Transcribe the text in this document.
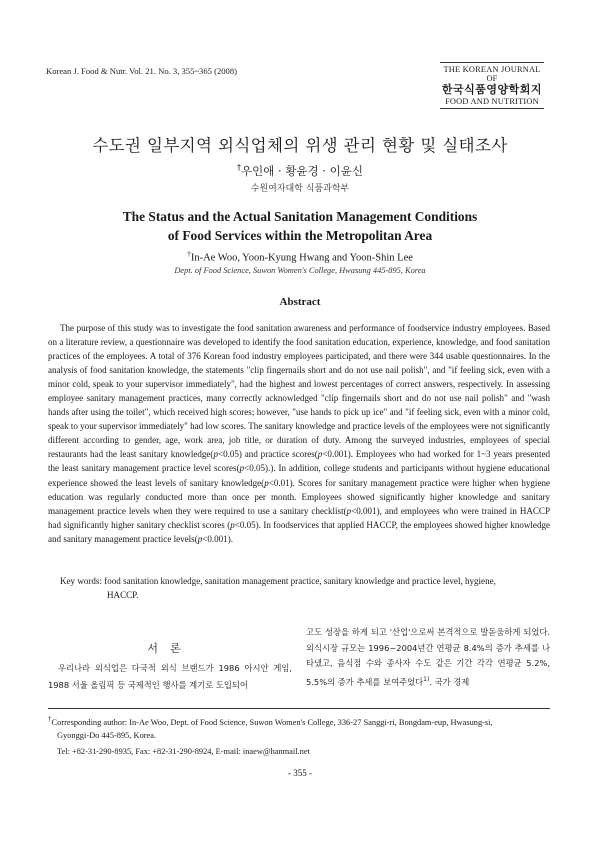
Korean J. Food & Nutr. Vol. 21. No. 3, 355~365 (2008)	THE KOREAN JOURNAL OF
한국식품영양학회지
FOOD AND NUTRITION
수도권 일부지역 외식업체의 위생 관리 현황 및 실태조사
†우인애 · 황윤경 · 이윤신
수원여자대학 식품과학부
The Status and the Actual Sanitation Management Conditions
of Food Services within the Metropolitan Area
†In-Ae Woo, Yoon-Kyung Hwang and Yoon-Shin Lee
Dept. of Food Science, Suwon Women's College, Hwasung 445-895, Korea
Abstract
The purpose of this study was to investigate the food sanitation awareness and performance of foodservice industry employees. Based on a literature review, a questionnaire was developed to identify the food sanitation education, experience, knowledge, and food sanitation practices of the employees. A total of 376 Korean food industry employees participated, and there were 344 usable questionnaires. In the analysis of food sanitation knowledge, the statements "clip fingernails short and do not use nail polish", and "if feeling sick, even with a minor cold, speak to your supervisor immediately", had the highest and lowest percentages of correct answers, respectively. In assessing employee sanitary management practices, many correctly acknowledged "clip fingernails short and do not use nail polish" and "wash hands after using the toilet", which received high scores; however, "use hands to pick up ice" and "if feeling sick, even with a minor cold, speak to your supervisor immediately" had low scores. The sanitary knowledge and practice levels of the employees were not significantly different according to gender, age, work area, job title, or duration of duty. Among the surveyed industries, employees of special restaurants had the least sanitary knowledge(p<0.05) and practice scores(p<0.001). Employees who had worked for 1~3 years presented the least sanitary management practice level scores(p<0.05).). In addition, college students and participants without hygiene educational experience showed the least levels of sanitary knowledge(p<0.01). Scores for sanitary management practice were higher when hygiene education was regularly conducted more than once per month. Employees showed significantly higher knowledge and sanitary management practice levels when they were required to use a sanitary checklist(p<0.001), and employees who were trained in HACCP had significantly higher sanitary checklist scores (p<0.05). In foodservices that applied HACCP, the employees showed higher knowledge and sanitary management practice levels(p<0.001).
Key words: food sanitation knowledge, sanitation management practice, sanitary knowledge and practice level, hygiene,
HACCP.
서론
우리나라 외식업은 다국적 외식 브랜드가 1986 아시안 게임, 1988 서울 올림픽 등 국제적인 행사를 계기로 도입되어
고도 성장을 하게 되고 '산업'으로써 본격적으로 발돋움하게 되었다. 외식시장 규모는 1996~2004년간 연평균 8.4%의 증가 추세를 나타냈고, 음식점 수와 종사자 수도 같은 기간 각각 연평균 5.2%, 5.5%의 증가 추세를 보여주었다$^{1)}$. 국가 경제
†Corresponding author: In-Ae Woo, Dept. of Food Science, Suwon Women's College, 336-27 Sanggi-ri, Bongdam-eup, Hwasung-si,
Gyonggi-Do 445-895, Korea.
Tel: +82-31-290-8935, Fax: +82-31-290-8924, E-mail: inaew@hanmail.net
- 355 -
